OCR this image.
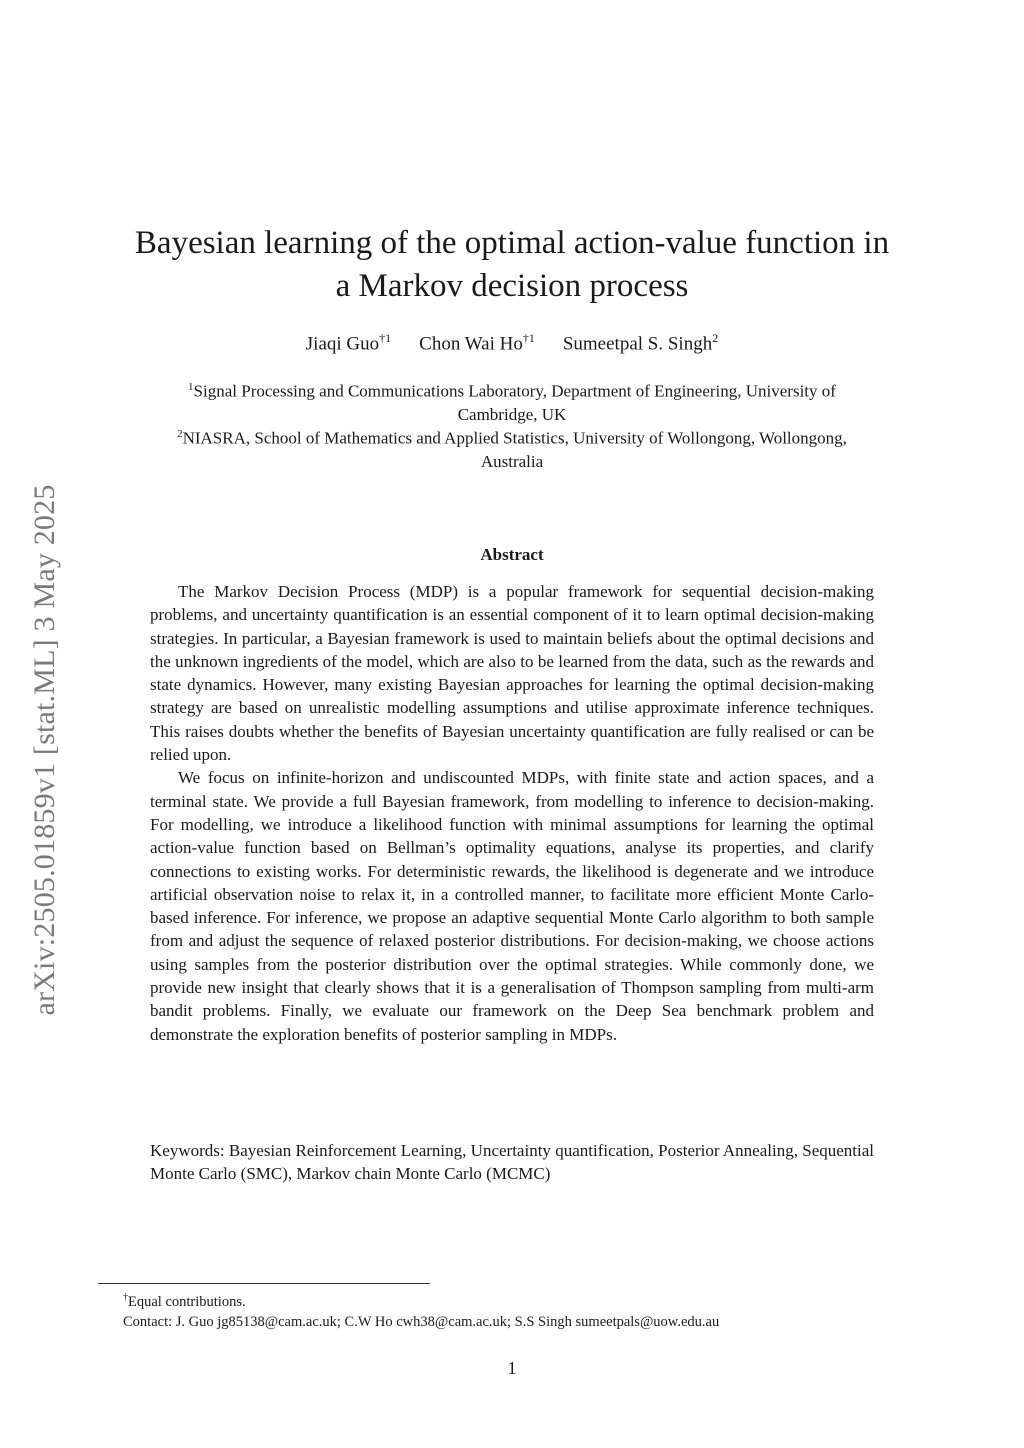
arXiv:2505.01859v1 [stat.ML] 3 May 2025
Bayesian learning of the optimal action-value function in
a Markov decision process
Jiaqi Guo$^{\dagger 1}$ Chon Wai Ho$^{\dagger 1}$ Sumeetpal S. Singh$^2$
$^1$Signal Processing and Communications Laboratory, Department of Engineering, University of
Cambridge, UK
$^2$NIASRA, School of Mathematics and Applied Statistics, University of Wollongong, Wollongong,
Australia
Abstract

The Markov Decision Process (MDP) is a popular framework for sequential decision-making problems, and uncertainty quantification is an essential component of it to learn optimal decision-making strategies. In particular, a Bayesian framework is used to maintain beliefs about the optimal decisions and the unknown ingredients of the model, which are also to be learned from the data, such as the rewards and state dynamics. However, many existing Bayesian approaches for learning the optimal decision-making strategy are based on unrealistic modelling assumptions and utilise approximate inference techniques. This raises doubts whether the benefits of Bayesian uncertainty quantification are fully realised or can be relied upon.

We focus on infinite-horizon and undiscounted MDPs, with finite state and action spaces, and a terminal state. We provide a full Bayesian framework, from modelling to inference to decision-making. For modelling, we introduce a likelihood function with minimal assumptions for learning the optimal action-value function based on Bellman’s optimality equations, analyse its properties, and clarify connections to existing works. For deterministic rewards, the likelihood is degenerate and we introduce artificial observation noise to relax it, in a controlled manner, to facilitate more efficient Monte Carlo-based inference. For inference, we propose an adaptive sequential Monte Carlo algorithm to both sample from and adjust the sequence of relaxed posterior distributions. For decision-making, we choose actions using samples from the posterior distribution over the optimal strategies. While commonly done, we provide new insight that clearly shows that it is a generalisation of Thompson sampling from multi-arm bandit problems. Finally, we evaluate our framework on the Deep Sea benchmark problem and demonstrate the exploration benefits of posterior sampling in MDPs.

Keywords: Bayesian Reinforcement Learning, Uncertainty quantification, Posterior Annealing, Sequential Monte Carlo (SMC), Markov chain Monte Carlo (MCMC)
†Equal contributions.
Contact: J. Guo jg85138@cam.ac.uk; C.W Ho cwh38@cam.ac.uk; S.S Singh sumeetpals@uow.edu.au
1
